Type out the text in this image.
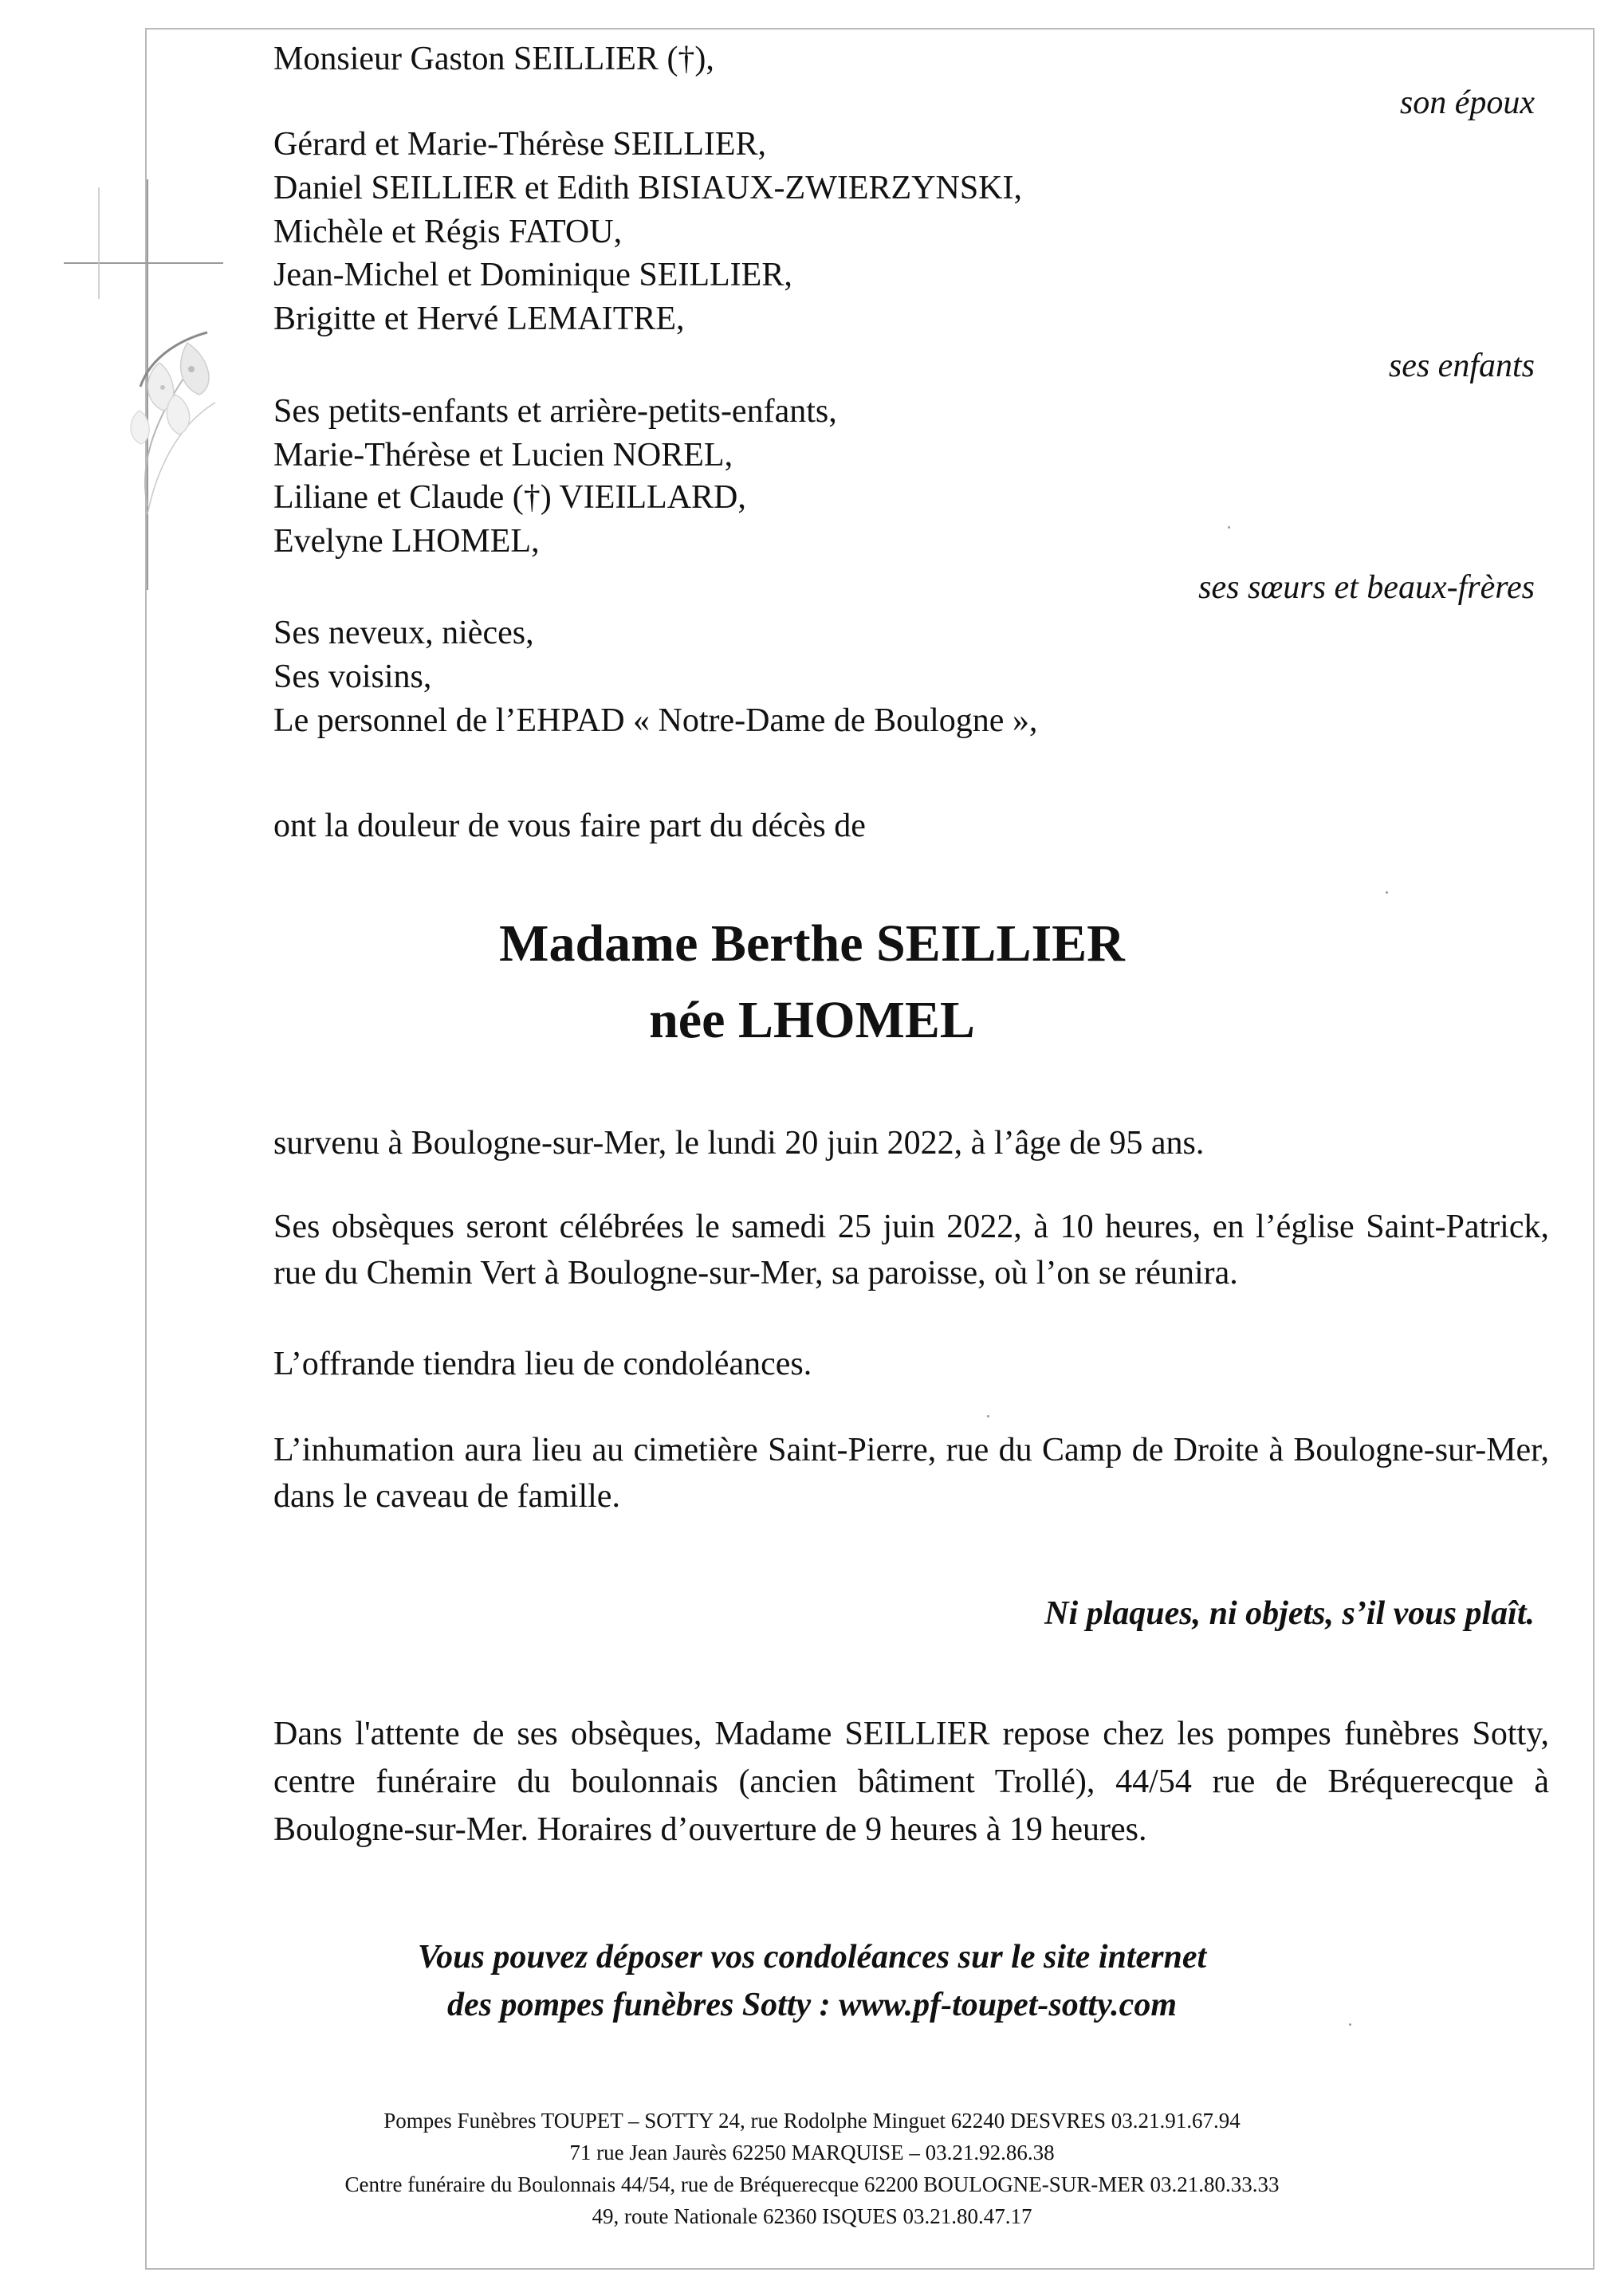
Monsieur Gaston SEILLIER (†),

son époux

Gérard et Marie-Thérèse SEILLIER,

Daniel SEILLIER et Edith BISIAUX-ZWIERZYNSKI,

Michèle et Régis FATOU,

Jean-Michel et Dominique SEILLIER,

Brigitte et Hervé LEMAITRE,

ses enfants

Ses petits-enfants et arrière-petits-enfants,

Marie-Thérèse et Lucien NOREL,

Liliane et Claude (†) VIEILLARD,

Evelyne LHOMEL,

ses sœurs et beaux-frères

Ses neveux, nièces,

Ses voisins,

Le personnel de l’EHPAD « Notre-Dame de Boulogne »,

ont la douleur de vous faire part du décès de

Madame Berthe SEILLIER

née LHOMEL

survenu à Boulogne-sur-Mer, le lundi 20 juin 2022, à l’âge de 95 ans.

Ses obsèques seront célébrées le samedi 25 juin 2022, à 10 heures, en l’église Saint-Patrick, rue du Chemin Vert à Boulogne-sur-Mer, sa paroisse, où l’on se réunira.

L’offrande tiendra lieu de condoléances.

L’inhumation aura lieu au cimetière Saint-Pierre, rue du Camp de Droite à Boulogne-sur-Mer, dans le caveau de famille.

Ni plaques, ni objets, s’il vous plaît.

Dans l'attente de ses obsèques, Madame SEILLIER repose chez les pompes funèbres Sotty, centre funéraire du boulonnais (ancien bâtiment Trollé), 44/54 rue de Bréquerecque à Boulogne-sur-Mer. Horaires d’ouverture de 9 heures à 19 heures.

Vous pouvez déposer vos condoléances sur le site internet

des pompes funèbres Sotty : www.pf-toupet-sotty.com

Pompes Funèbres TOUPET – SOTTY 24, rue Rodolphe Minguet 62240 DESVRES 03.21.91.67.94

71 rue Jean Jaurès 62250 MARQUISE – 03.21.92.86.38

Centre funéraire du Boulonnais 44/54, rue de Bréquerecque 62200 BOULOGNE-SUR-MER 03.21.80.33.33

49, route Nationale 62360 ISQUES 03.21.80.47.17
